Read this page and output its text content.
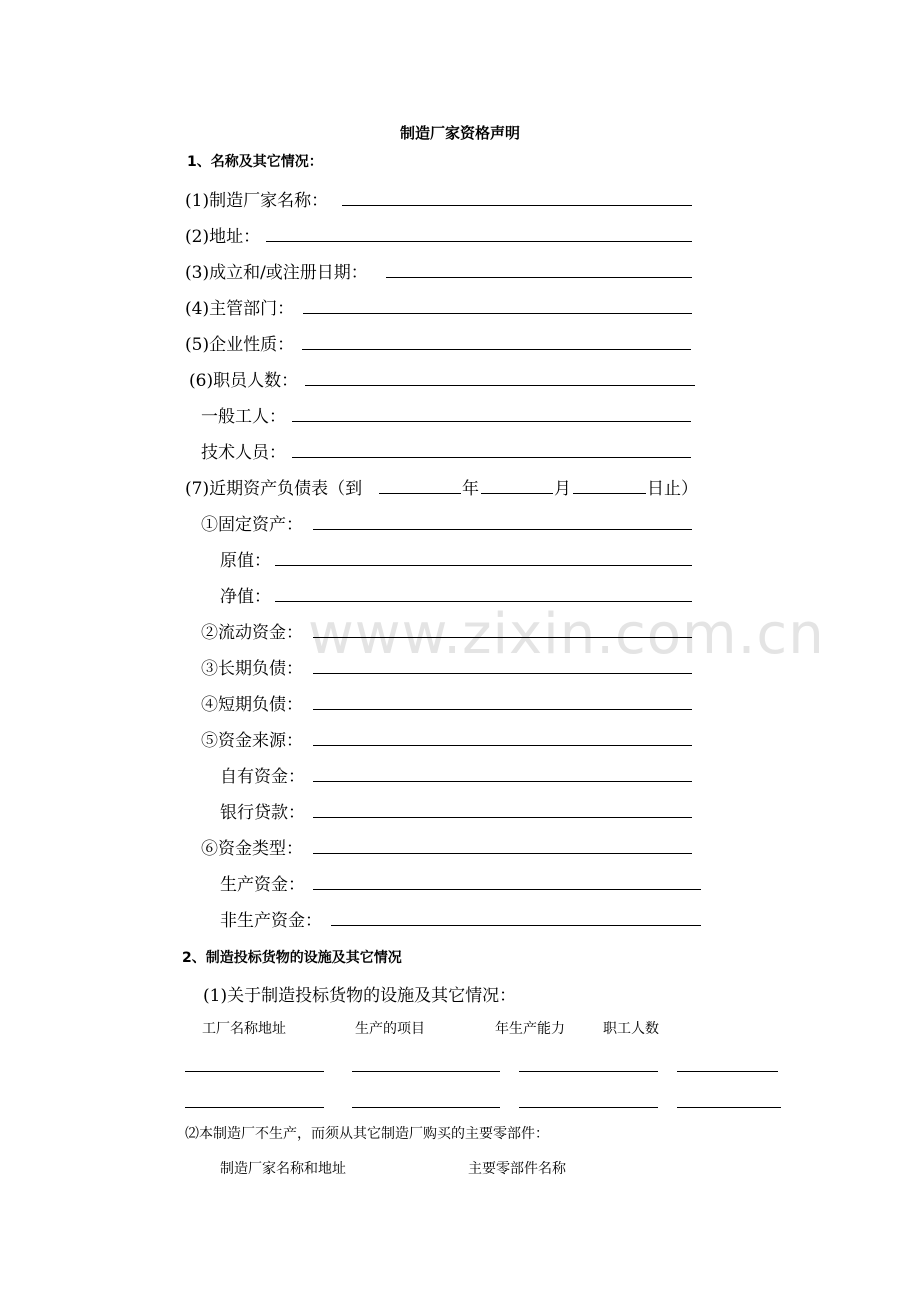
www.zixin.com.cn
制造厂家资格声明
1、名称及其它情况：
(1)制造厂家名称：
(2)地址：
(3)成立和/或注册日期：
(4)主管部门：
(5)企业性质：
(6)职员人数：
一般工人：
技术人员：
(7)近期资产负债表（到	年	月	日止）
①固定资产：
原值：
净值：
②流动资金：
③长期负债：
④短期负债：
⑤资金来源：
自有资金：
银行贷款：
⑥资金类型：
生产资金：
非生产资金：
2、制造投标货物的设施及其它情况
(1)关于制造投标货物的设施及其它情况：
工厂名称地址	生产的项目	年生产能力	职工人数
⑵本制造厂不生产，而须从其它制造厂购买的主要零部件：
制造厂家名称和地址	主要零部件名称
